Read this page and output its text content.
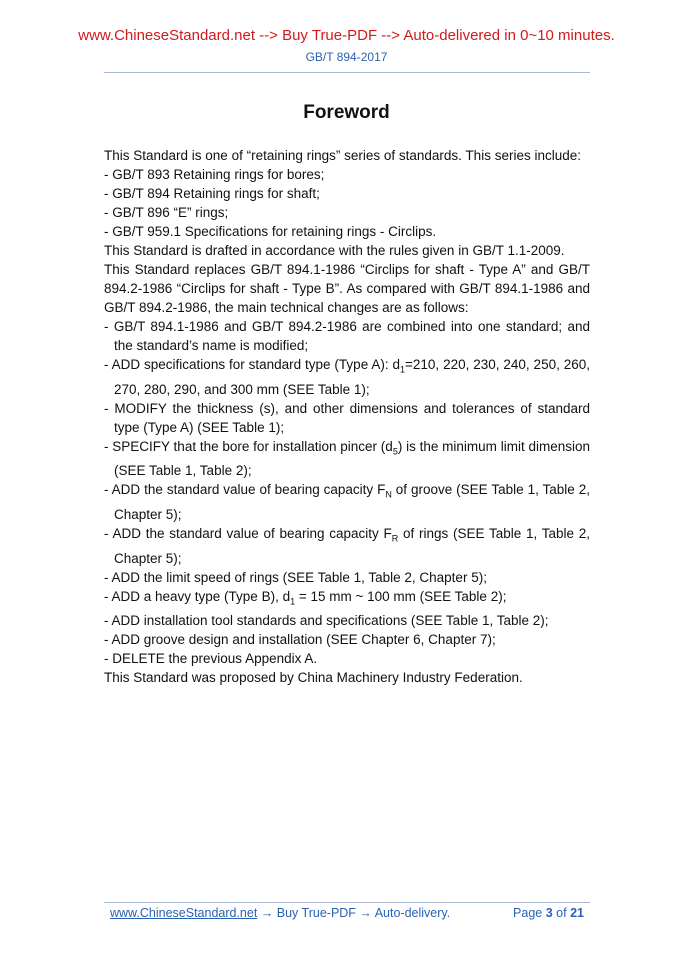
www.ChineseStandard.net --> Buy True-PDF --> Auto-delivered in 0~10 minutes.
GB/T 894-2017
Foreword

This Standard is one of “retaining rings” series of standards. This series include:

- GB/T 893 Retaining rings for bores;

- GB/T 894 Retaining rings for shaft;

- GB/T 896 “E” rings;

- GB/T 959.1 Specifications for retaining rings - Circlips.

This Standard is drafted in accordance with the rules given in GB/T 1.1-2009.

This Standard replaces GB/T 894.1-1986 “Circlips for shaft - Type A” and GB/T 894.2-1986 “Circlips for shaft - Type B”. As compared with GB/T 894.1-1986 and GB/T 894.2-1986, the main technical changes are as follows:

- GB/T 894.1-1986 and GB/T 894.2-1986 are combined into one standard; and the standard’s name is modified;

- ADD specifications for standard type (Type A): $d_1=210$, 220, 230, 240, 250, 260, 270, 280, 290, and 300 mm (SEE Table 1);

- MODIFY the thickness (s), and other dimensions and tolerances of standard type (Type A) (SEE Table 1);

- SPECIFY that the bore for installation pincer $(d_5)$ is the minimum limit dimension (SEE Table 1, Table 2);

- ADD the standard value of bearing capacity $F_N$ of groove (SEE Table 1, Table 2, Chapter 5);

- ADD the standard value of bearing capacity $F_R$ of rings (SEE Table 1, Table 2, Chapter 5);

- ADD the limit speed of rings (SEE Table 1, Table 2, Chapter 5);

- ADD a heavy type (Type B), $d_1 = 15$ mm ~ 100 mm (SEE Table 2);

- ADD installation tool standards and specifications (SEE Table 1, Table 2);

- ADD groove design and installation (SEE Chapter 6, Chapter 7);

- DELETE the previous Appendix A.

This Standard was proposed by China Machinery Industry Federation.

www.ChineseStandard.net → Buy True-PDF → Auto-delivery.	Page 3 of 21
